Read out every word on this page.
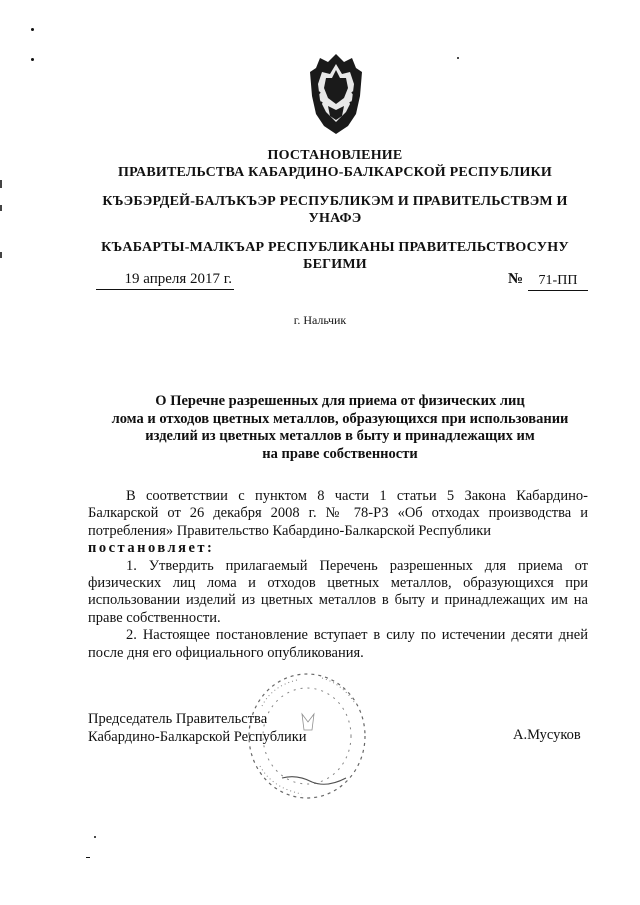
ПОСТАНОВЛЕНИЕ
ПРАВИТЕЛЬСТВА КАБАРДИНО-БАЛКАРСКОЙ РЕСПУБЛИКИ
КЪЭБЭРДЕЙ-БАЛЪКЪЭР РЕСПУБЛИКЭМ И ПРАВИТЕЛЬСТВЭМ И
УНАФЭ
КЪАБАРТЫ-МАЛКЪАР РЕСПУБЛИКАНЫ ПРАВИТЕЛЬСТВОСУНУ
БЕГИМИ
19 апреля 2017 г.	№	71-ПП
г. Нальчик
О Перечне разрешенных для приема от физических лиц
лома и отходов цветных металлов, образующихся при использовании
изделий из цветных металлов в быту и принадлежащих им
на праве собственности

В соответствии с пунктом 8 части 1 статьи 5 Закона Кабардино-Балкарской от 26 декабря 2008 г. № 78-РЗ «Об отходах производства и потребления» Правительство Кабардино-Балкарской Республики

постановляет:

1. Утвердить прилагаемый Перечень разрешенных для приема от физических лиц лома и отходов цветных металлов, образующихся при использовании изделий из цветных металлов в быту и принадлежащих им на праве собственности.

2. Настоящее постановление вступает в силу по истечении десяти дней после дня его официального опубликования.

Председатель Правительства
Кабардино-Балкарской Республики	А.Мусуков
